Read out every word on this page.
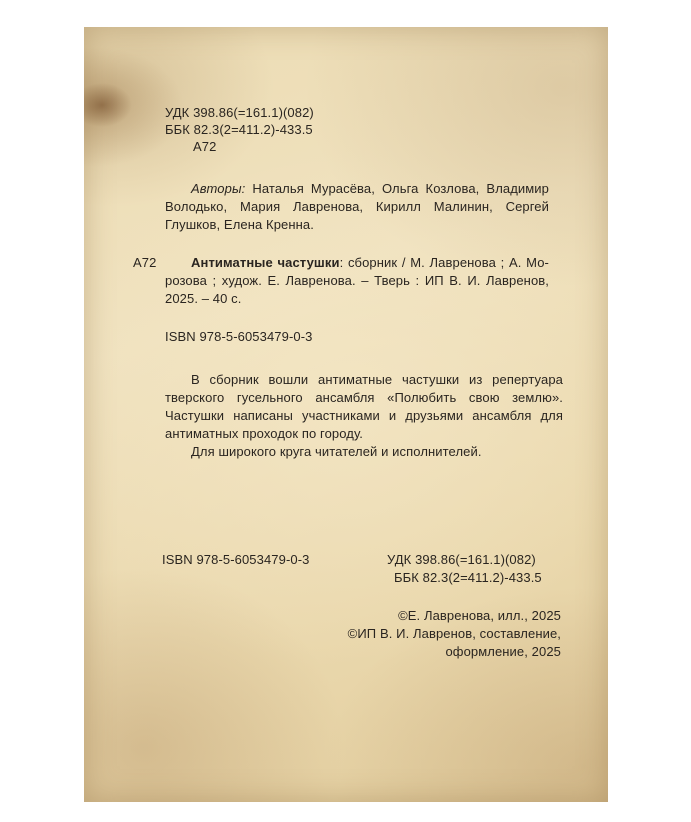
УДК 398.86(=161.1)(082)
ББК 82.3(2=411.2)-433.5
А72
Авторы: Наталья Мурасёва, Ольга Козлова, Владимир
Володько, Мария Лавренова, Кирилл Малинин, Сергей
Глушков, Елена Кренна.
А72	Антиматные частушки: сборник / М. Лавренова ; А. Мо-
розова ; худож. Е. Лавренова. – Тверь : ИП В. И. Лавренов,
2025. – 40 с.
ISBN 978-5-6053479-0-3
В сборник вошли антиматные частушки из репертуара
тверского гусельного ансамбля «Полюбить свою землю».
Частушки написаны участниками и друзьями ансамбля для
антиматных проходок по городу.
Для широкого круга читателей и исполнителей.
ISBN 978-5-6053479-0-3	УДК 398.86(=161.1)(082)
ББК 82.3(2=411.2)-433.5
©Е. Лавренова, илл., 2025
©ИП В. И. Лавренов, составление,
оформление, 2025
